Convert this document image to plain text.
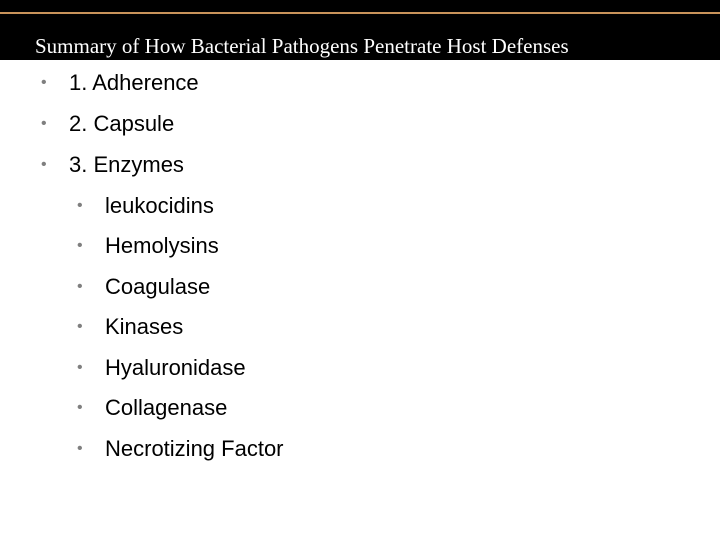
Summary of How Bacterial Pathogens Penetrate Host Defenses
• 1. Adherence
• 2. Capsule
• 3. Enzymes
• leukocidins
• Hemolysins
• Coagulase
• Kinases
• Hyaluronidase
• Collagenase
• Necrotizing Factor
